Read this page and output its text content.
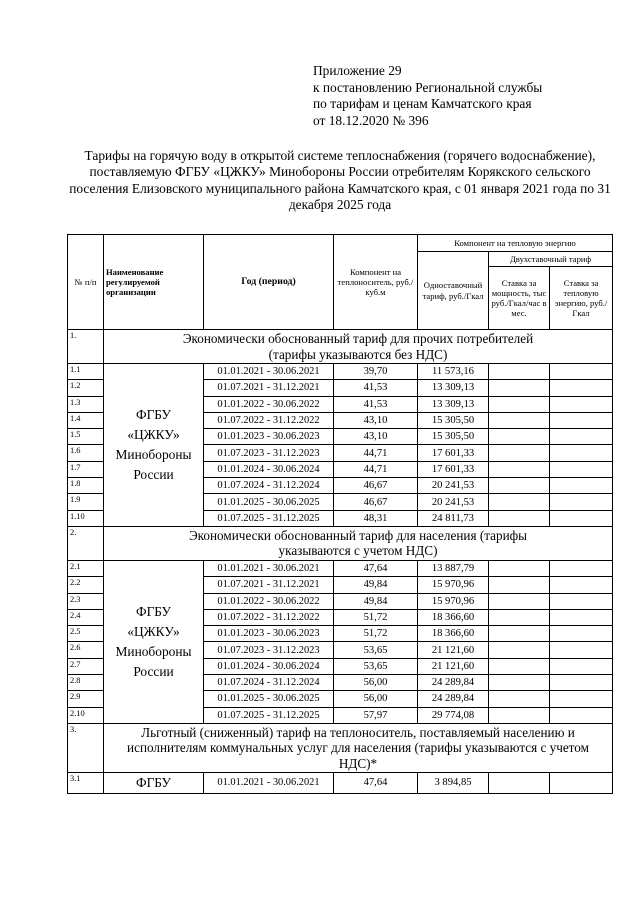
Приложение 29
к постановлению Региональной службы
по тарифам и ценам Камчатского края
от 18.12.2020 № 396
Тарифы на горячую воду в открытой системе теплоснабжения (горячего водоснабжение), поставляемую ФГБУ «ЦЖКУ» Минобороны России отребителям Корякского сельского поселения Елизовского муниципального района Камчатского края, с 01 января 2021 года по 31 декабря 2025 года
№ п/п	Наименование регулируемой организации	Год (период)	Компонент на теплоноситель, руб./куб.м	Компонент на тепловую энергию		
				Одноставочный тариф, руб./Гкал	Двухставочный тариф	
					Ставка за мощность, тыс руб./Гкал/час в мес.	Ставка за тепловую энергию, руб./Гкал
1.	Экономически обоснованный тариф для прочих потребителей (тарифы указываются без НДС)					
1.1	ФГБУ «ЦЖКУ» Минобороны России	01.01.2021 - 30.06.2021	39,70	11 573,16		
1.2		01.07.2021 - 31.12.2021	41,53	13 309,13		
1.3		01.01.2022 - 30.06.2022	41,53	13 309,13		
1.4		01.07.2022 - 31.12.2022	43,10	15 305,50		
1.5		01.01.2023 - 30.06.2023	43,10	15 305,50		
1.6		01.07.2023 - 31.12.2023	44,71	17 601,33		
1.7		01.01.2024 - 30.06.2024	44,71	17 601,33		
1.8		01.07.2024 - 31.12.2024	46,67	20 241,53		
1.9		01.01.2025 - 30.06.2025	46,67	20 241,53		
1.10		01.07.2025 - 31.12.2025	48,31	24 811,73		
2.	Экономически обоснованный тариф для населения (тарифы указываются с учетом НДС)					
2.1	ФГБУ «ЦЖКУ» Минобороны России	01.01.2021 - 30.06.2021	47,64	13 887,79		
2.2		01.07.2021 - 31.12.2021	49,84	15 970,96		
2.3		01.01.2022 - 30.06.2022	49,84	15 970,96		
2.4		01.07.2022 - 31.12.2022	51,72	18 366,60		
2.5		01.01.2023 - 30.06.2023	51,72	18 366,60		
2.6		01.07.2023 - 31.12.2023	53,65	21 121,60		
2.7		01.01.2024 - 30.06.2024	53,65	21 121,60		
2.8		01.07.2024 - 31.12.2024	56,00	24 289,84		
2.9		01.01.2025 - 30.06.2025	56,00	24 289,84		
2.10		01.07.2025 - 31.12.2025	57,97	29 774,08		
3.	Льготный (сниженный) тариф на теплоноситель, поставляемый населению и исполнителям коммунальных услуг для населения (тарифы указываются с учетом НДС)*					
3.1	ФГБУ	01.01.2021 - 30.06.2021	47,64	3 894,85		
